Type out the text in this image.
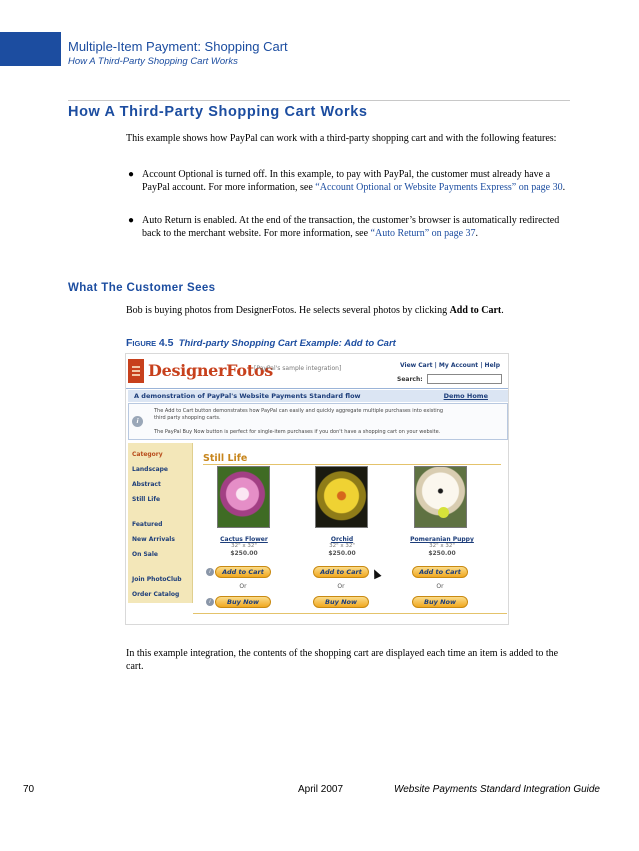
Multiple-Item Payment: Shopping Cart
How A Third-Party Shopping Cart Works
How A Third-Party Shopping Cart Works
This example shows how PayPal can work with a third-party shopping cart and with the following features:
● Account Optional is turned off. In this example, to pay with PayPal, the customer must already have a PayPal account. For more information, see “Account Optional or Website Payments Express” on page 30.
● Auto Return is enabled. At the end of the transaction, the customer’s browser is automatically redirected back to the merchant website. For more information, see “Auto Return” on page 37.
What The Customer Sees
Bob is buying photos from DesignerFotos. He selects several photos by clicking Add to Cart.
FIGURE 4.5 Third-party Shopping Cart Example: Add to Cart
DesignerFotos
[PayPal's sample integration]	View Cart | My Account | Help
Search:
A demonstration of PayPal's Website Payments Standard flow	Demo Home
i
The Add to Cart button demonstrates how PayPal can easily and quickly aggregate multiple purchases into existing third party shopping carts.
The PayPal Buy Now button is perfect for single-item purchases if you don't have a shopping cart on your website.
Category
Landscape
Abstract
Still Life
Featured
New Arrivals
On Sale
Join PhotoClub
Order Catalog
Still Life
Cactus Flower
32" x 32"
$250.00
Orchid
32" x 32"
$250.00
Pomeranian Puppy
32" x 32"
$250.00
i
i
Add to Cart	Add to Cart	Add to Cart
Or	Or	Or
Buy Now	Buy Now	Buy Now
In this example integration, the contents of the shopping cart are displayed each time an item is added to the cart.
70	April 2007	Website Payments Standard Integration Guide
